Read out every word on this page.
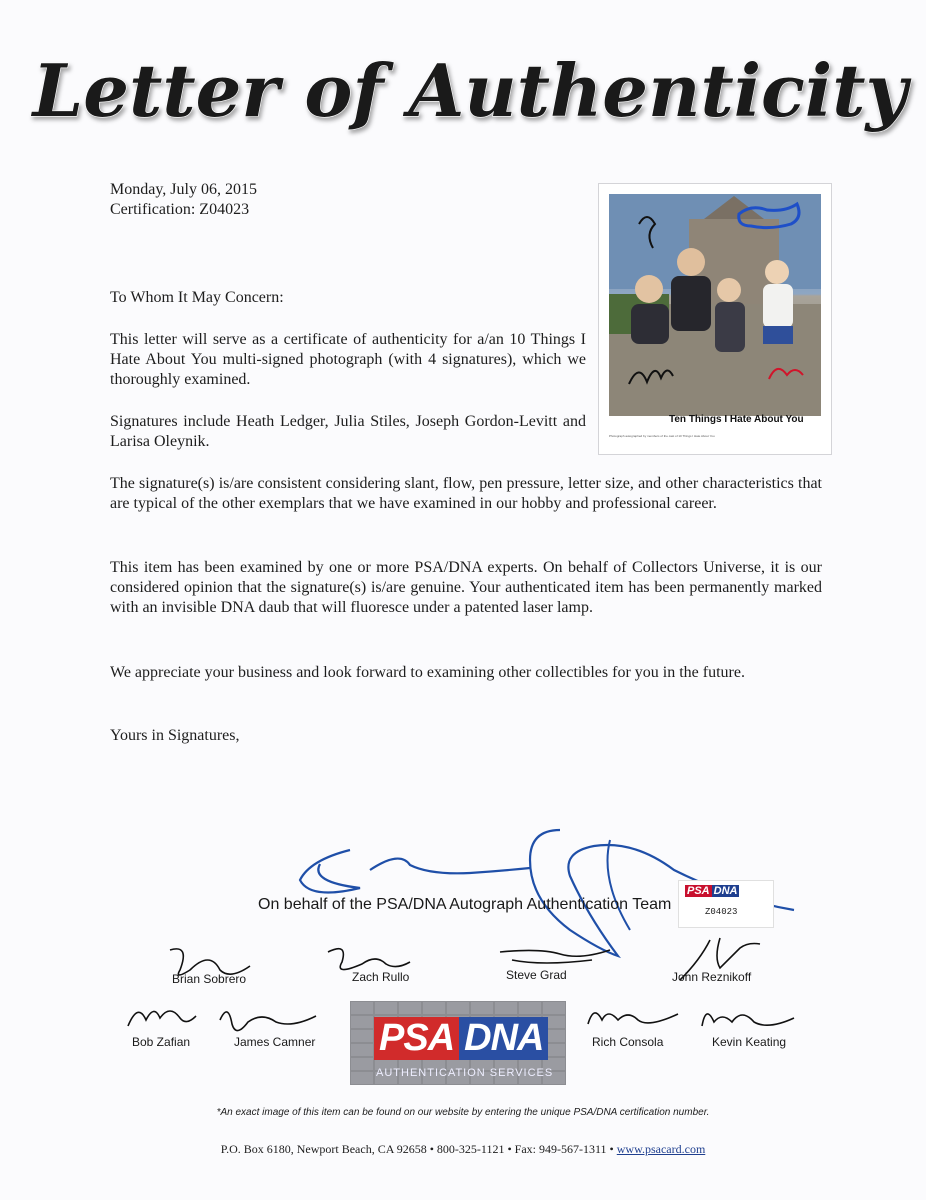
Letter of Authenticity
Monday, July 06, 2015
Certification: Z04023

To Whom It May Concern:

This letter will serve as a certificate of authenticity for a/an 10 Things I Hate About You multi-signed photograph (with 4 signatures), which we thoroughly examined.

Signatures include Heath Ledger, Julia Stiles, Joseph Gordon-Levitt and Larisa Oleynik.

The signature(s) is/are consistent considering slant, flow, pen pressure, letter size, and other characteristics that are typical of the other exemplars that we have examined in our hobby and professional career.

This item has been examined by one or more PSA/DNA experts. On behalf of Collectors Universe, it is our considered opinion that the signature(s) is/are genuine. Your authenticated item has been permanently marked with an invisible DNA daub that will fluoresce under a patented laser lamp.

We appreciate your business and look forward to examining other collectibles for you in the future.

Yours in Signatures,

Ten Things I Hate About You
Photograph autographed by members of the cast of 10 Things I Hate About You
On behalf of the PSA/DNA Autograph Authentication Team
PSA DNA
Z04023
Brian Sobrero	Zach Rullo	Steve Grad	John Reznikoff
Bob Zafian	James Camner PSA DNA
AUTHENTICATION SERVICES
Rich Consola	Kevin Keating
*An exact image of this item can be found on our website by entering the unique PSA/DNA certification number.
P.O. Box 6180, Newport Beach, CA 92658 • 800-325-1121 • Fax: 949-567-1311 • www.psacard.com
